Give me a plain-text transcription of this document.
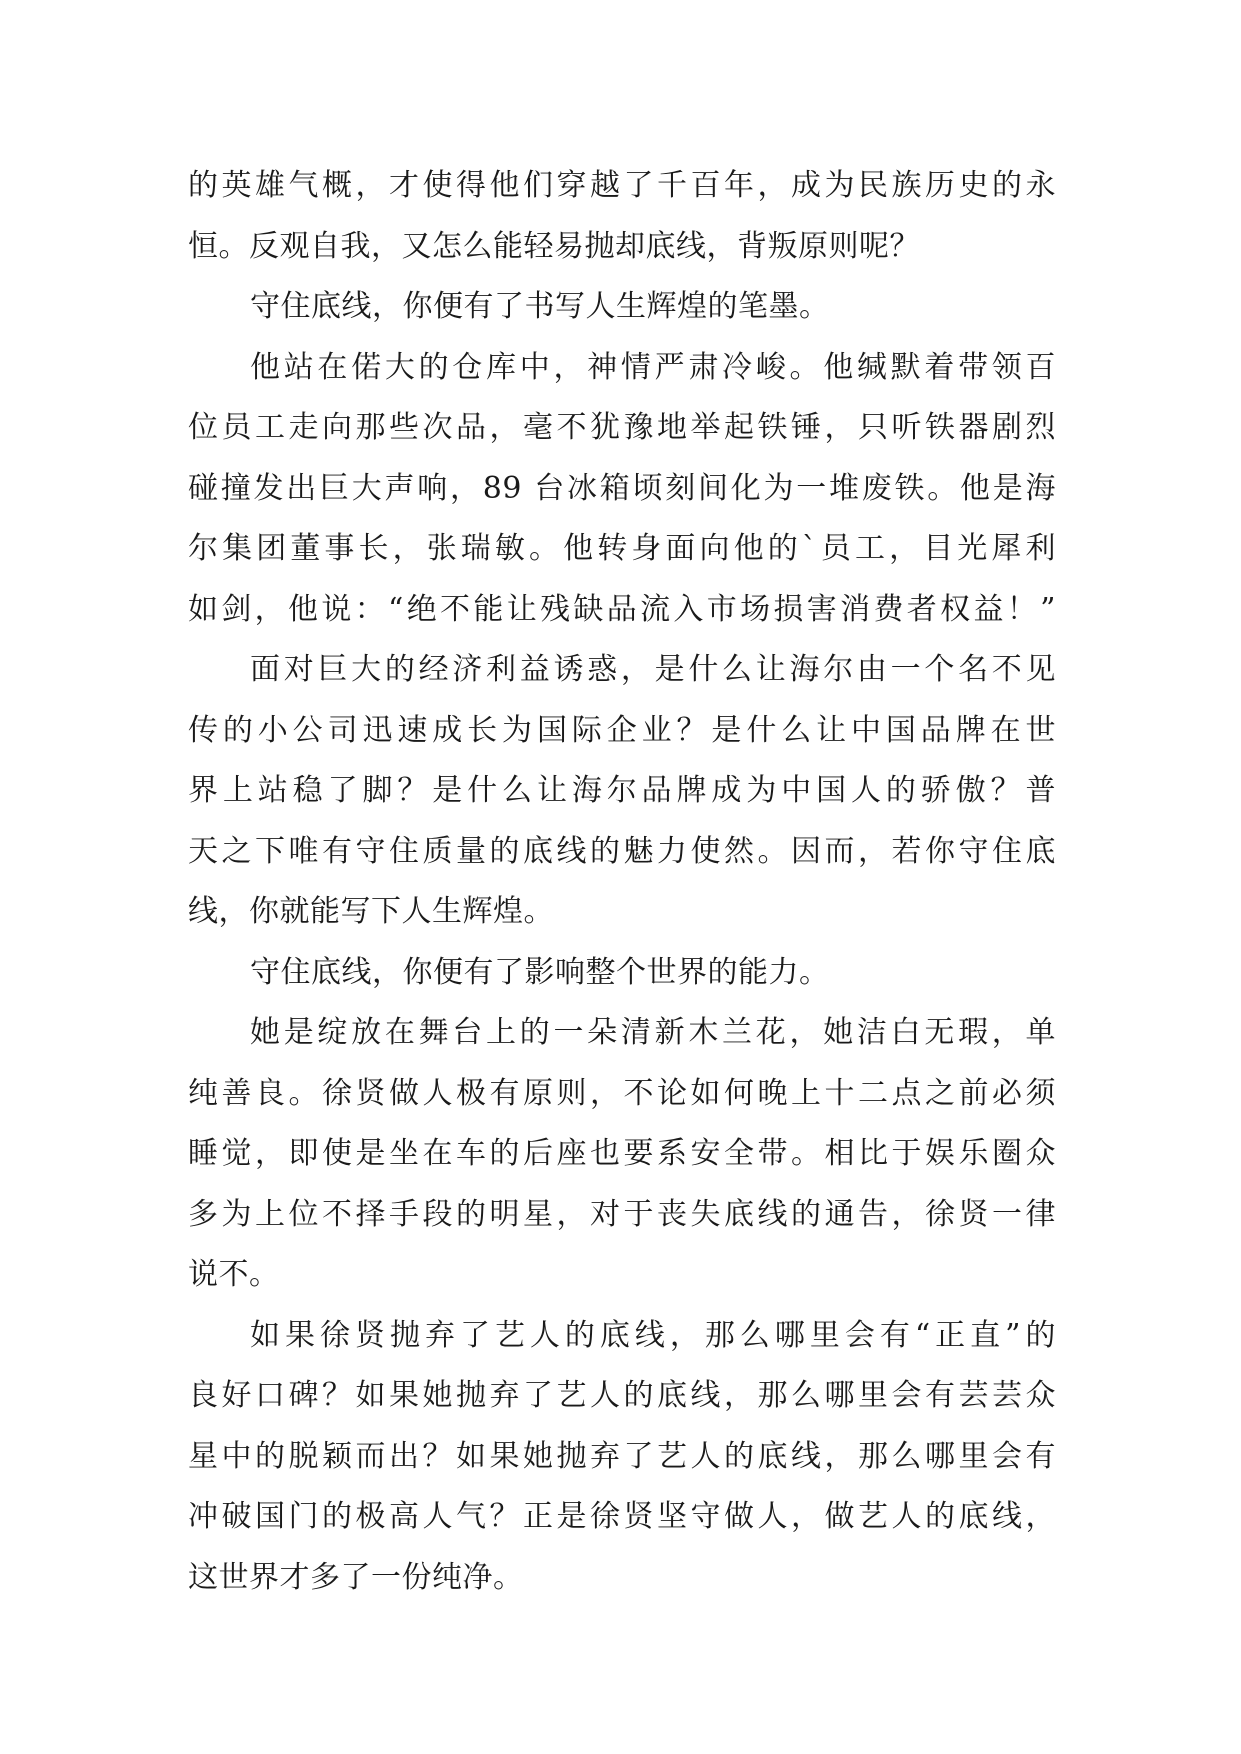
的英雄气概，才使得他们穿越了千百年，成为民族历史的永
恒。反观自我，又怎么能轻易抛却底线，背叛原则呢？
守住底线，你便有了书写人生辉煌的笔墨。
他站在偌大的仓库中，神情严肃冷峻。他缄默着带领百
位员工走向那些次品，毫不犹豫地举起铁锤，只听铁器剧烈
碰撞发出巨大声响，89 台冰箱顷刻间化为一堆废铁。他是海
尔集团董事长，张瑞敏。他转身面向他的`员工，目光犀利
如剑，他说：“绝不能让残缺品流入市场损害消费者权益！”
面对巨大的经济利益诱惑，是什么让海尔由一个名不见
传的小公司迅速成长为国际企业？是什么让中国品牌在世
界上站稳了脚？是什么让海尔品牌成为中国人的骄傲？普
天之下唯有守住质量的底线的魅力使然。因而，若你守住底
线，你就能写下人生辉煌。
守住底线，你便有了影响整个世界的能力。
她是绽放在舞台上的一朵清新木兰花，她洁白无瑕，单
纯善良。徐贤做人极有原则，不论如何晚上十二点之前必须
睡觉，即使是坐在车的后座也要系安全带。相比于娱乐圈众
多为上位不择手段的明星，对于丧失底线的通告，徐贤一律
说不。
如果徐贤抛弃了艺人的底线，那么哪里会有“正直”的
良好口碑？如果她抛弃了艺人的底线，那么哪里会有芸芸众
星中的脱颖而出？如果她抛弃了艺人的底线，那么哪里会有
冲破国门的极高人气？正是徐贤坚守做人，做艺人的底线，
这世界才多了一份纯净。
